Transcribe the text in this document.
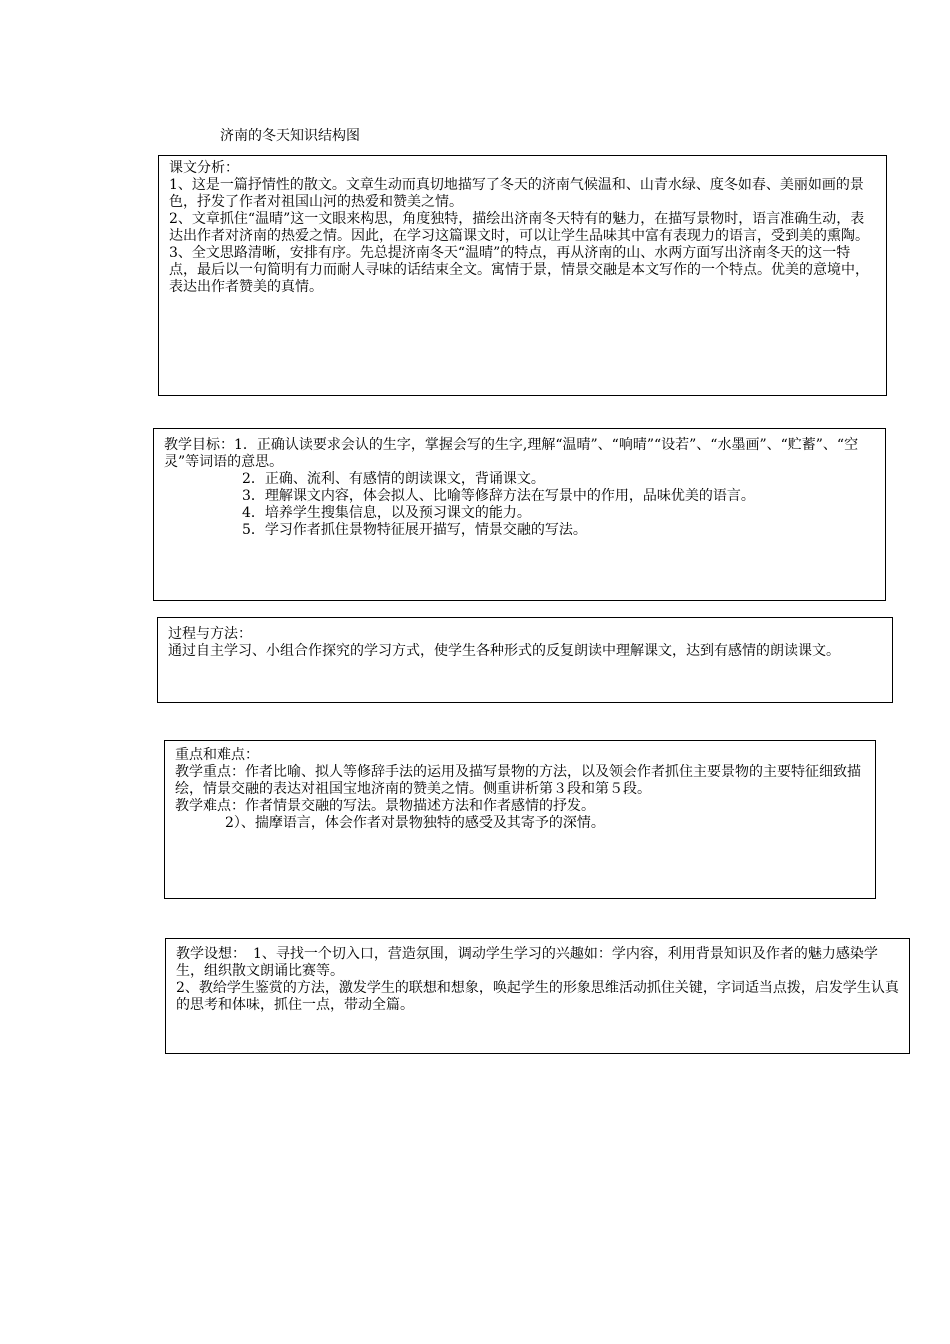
济南的冬天知识结构图

课文分析：

1、这是一篇抒情性的散文。文章生动而真切地描写了冬天的济南气候温和、山青水绿、度冬如春、美丽如画的景色，抒发了作者对祖国山河的热爱和赞美之情。

2、文章抓住“温晴”这一文眼来构思，角度独特，描绘出济南冬天特有的魅力，在描写景物时，语言准确生动，表达出作者对济南的热爱之情。因此，在学习这篇课文时，可以让学生品味其中富有表现力的语言，受到美的熏陶。

3、全文思路清晰，安排有序。先总提济南冬天“温晴”的特点，再从济南的山、水两方面写出济南冬天的这一特点，最后以一句简明有力而耐人寻味的话结束全文。寓情于景，情景交融是本文写作的一个特点。优美的意境中，表达出作者赞美的真情。

教学目标：1．正确认读要求会认的生字，掌握会写的生字,理解“温晴”、“响晴”“设若”、“水墨画”、“贮蓄”、“空灵”等词语的意思。

2．正确、流利、有感情的朗读课文，背诵课文。

3．理解课文内容，体会拟人、比喻等修辞方法在写景中的作用，品味优美的语言。

4．培养学生搜集信息，以及预习课文的能力。

5．学习作者抓住景物特征展开描写，情景交融的写法。

过程与方法：

通过自主学习、小组合作探究的学习方式，使学生各种形式的反复朗读中理解课文，达到有感情的朗读课文。

重点和难点：

教学重点：作者比喻、拟人等修辞手法的运用及描写景物的方法，以及领会作者抓住主要景物的主要特征细致描绘，情景交融的表达对祖国宝地济南的赞美之情。侧重讲析第３段和第５段。

教学难点：作者情景交融的写法。景物描述方法和作者感情的抒发。

2）、揣摩语言，体会作者对景物独特的感受及其寄予的深情。

教学设想：　1、寻找一个切入口，营造氛围，调动学生学习的兴趣如：学内容，利用背景知识及作者的魅力感染学生，组织散文朗诵比赛等。

2、教给学生鉴赏的方法，激发学生的联想和想象，唤起学生的形象思维活动抓住关键，字词适当点拨，启发学生认真的思考和体味，抓住一点，带动全篇。
